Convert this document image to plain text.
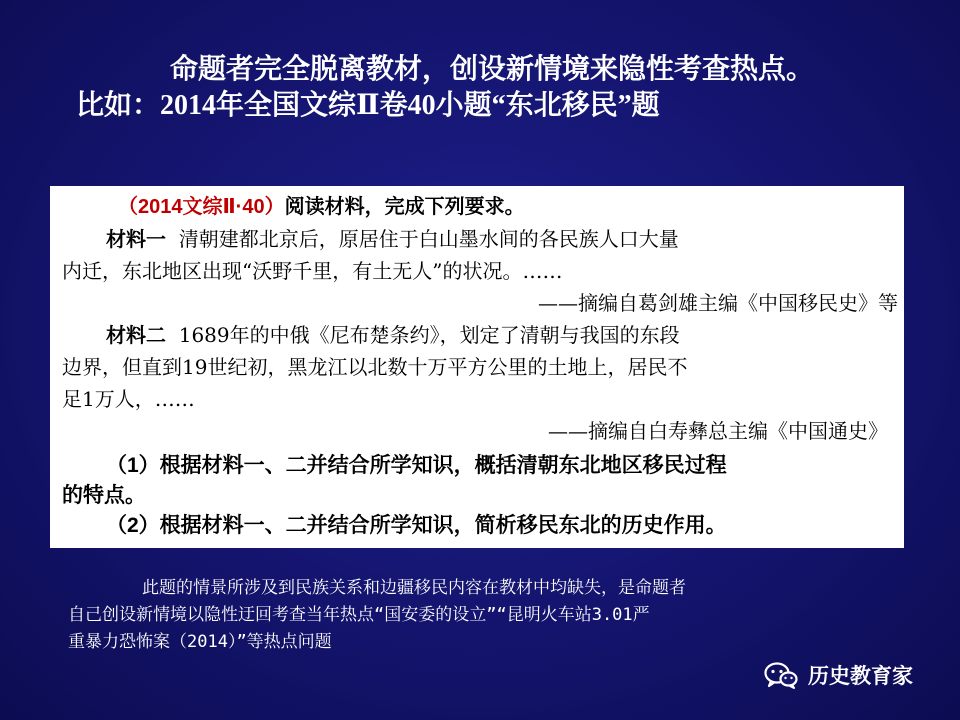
命题者完全脱离教材，创设新情境来隐性考查热点。
比如：2014年全国文综Ⅱ卷40小题“东北移民”题
（2014文综Ⅱ·40）阅读材料，完成下列要求。
材料一 清朝建都北京后，原居住于白山墨水间的各民族人口大量
内迁，东北地区出现“沃野千里，有土无人”的状况。……
——摘编自葛剑雄主编《中国移民史》等
材料二 1689年的中俄《尼布楚条约》，划定了清朝与我国的东段
边界，但直到19世纪初，黑龙江以北数十万平方公里的土地上，居民不
足1万人，……
——摘编自白寿彝总主编《中国通史》
（1）根据材料一、二并结合所学知识，概括清朝东北地区移民过程
的特点。
（2）根据材料一、二并结合所学知识，简析移民东北的历史作用。
此题的情景所涉及到民族关系和边疆移民内容在教材中均缺失，是命题者
自己创设新情境以隐性迂回考查当年热点“国安委的设立”“昆明火车站3.01严
重暴力恐怖案（2014）”等热点问题
历史教育家
